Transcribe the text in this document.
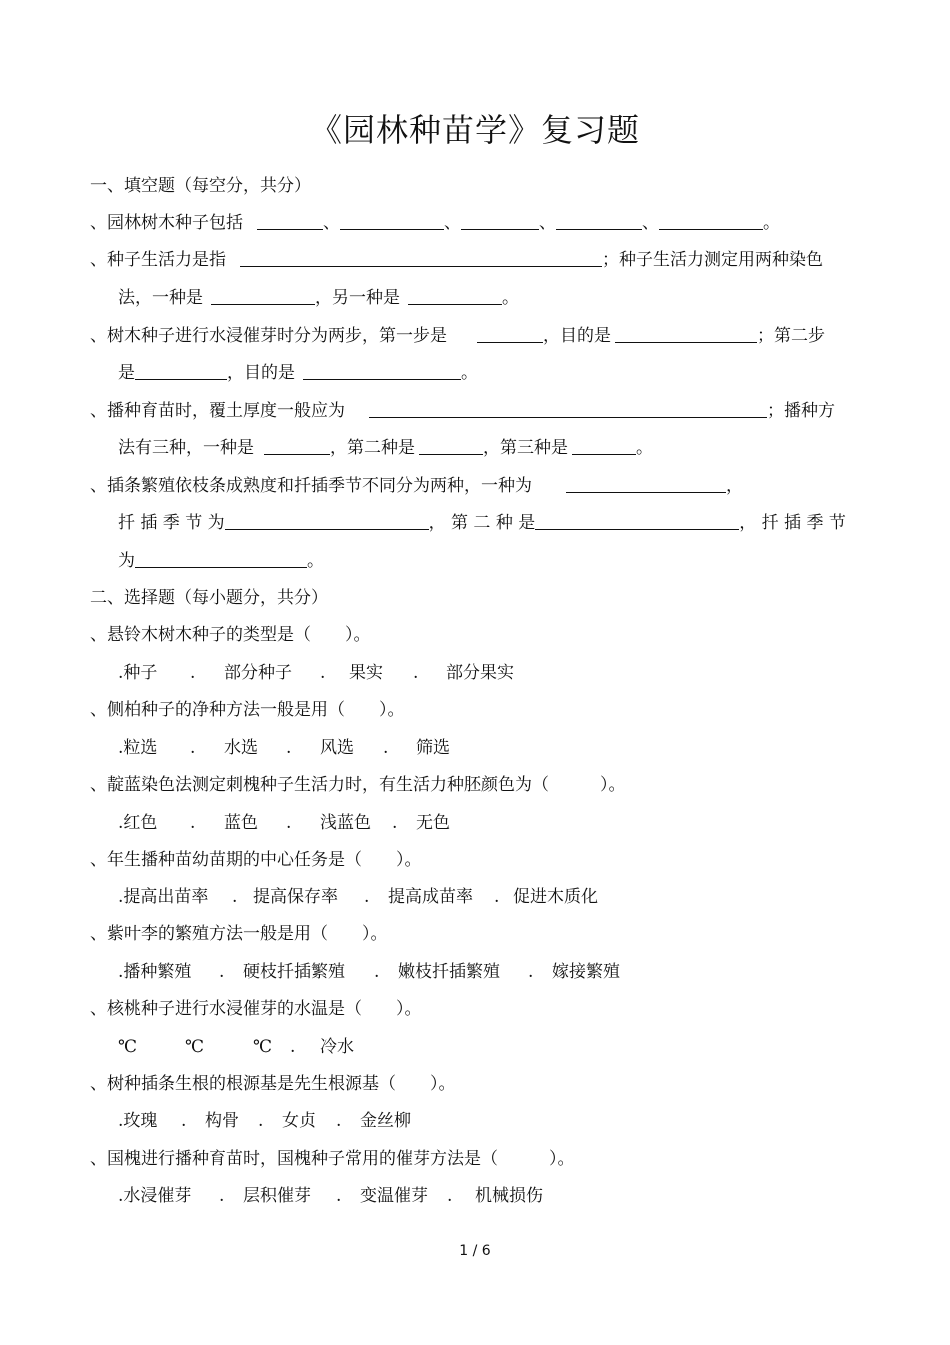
《园林种苗学》复习题
一、填空题（每空分，共分）
、园林树木种子包括	、	、	、	、	。
、种子生活力是指	；种子生活力测定用两种染色
法，一种是	，另一种是	。
、树木种子进行水浸催芽时分为两步，第一步是	，目的是	；第二步
是	，目的是	。
、播种育苗时，覆土厚度一般应为	；播种方
法有三种，一种是	，第二种是	，第三种是	。
、插条繁殖依枝条成熟度和扦插季节不同分为两种，一种为	，
扦 插 季 节 为	， 第 二 种 是	， 扦 插 季 节
为	。
二、选择题（每小题分，共分）
、悬铃木树木种子的类型是（　　）。
.种子 . 部分种子 . 果实 . 部分果实
、侧柏种子的净种方法一般是用（　　）。
.粒选 . 水选 . 风选 . 筛选
、靛蓝染色法测定刺槐种子生活力时，有生活力种胚颜色为（　　　）。
.红色 . 蓝色 . 浅蓝色 . 无色
、年生播种苗幼苗期的中心任务是（　　）。
.提高出苗率 . 提高保存率 . 提高成苗率 . 促进木质化
、紫叶李的繁殖方法一般是用（　　）。
.播种繁殖 . 硬枝扦插繁殖 . 嫩枝扦插繁殖 . 嫁接繁殖
、核桃种子进行水浸催芽的水温是（　　）。
℃	℃	℃ . 冷水
、树种插条生根的根源基是先生根源基（　　）。
.玫瑰 . 构骨 . 女贞 . 金丝柳
、国槐进行播种育苗时，国槐种子常用的催芽方法是（　　　）。
.水浸催芽 . 层积催芽 . 变温催芽 . 机械损伤
1 / 6
